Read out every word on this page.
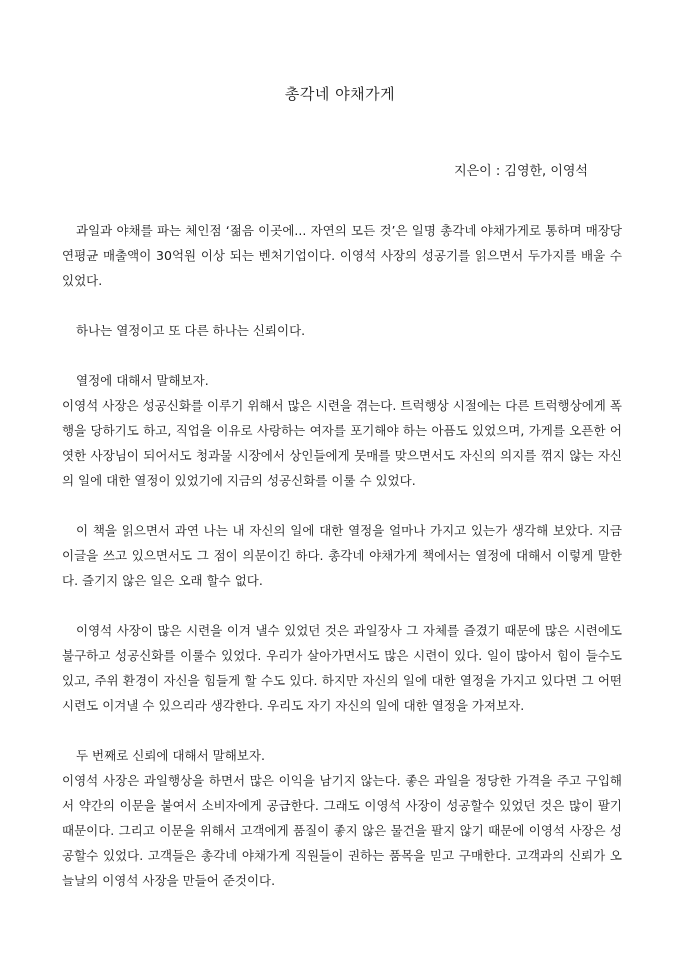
총각네 야채가게
지은이 : 김영한, 이영석

과일과 야채를 파는 체인점 ‘젊음 이곳에... 자연의 모든 것’은 일명 총각네 야채가게로 통하며 매장당 연평균 매출액이 30억원 이상 되는 벤처기업이다. 이영석 사장의 성공기를 읽으면서 두가지를 배울 수 있었다.

하나는 열정이고 또 다른 하나는 신뢰이다.

열정에 대해서 말해보자.

이영석 사장은 성공신화를 이루기 위해서 많은 시련을 겪는다. 트럭행상 시절에는 다른 트럭행상에게 폭행을 당하기도 하고, 직업을 이유로 사랑하는 여자를 포기해야 하는 아픔도 있었으며, 가게를 오픈한 어엿한 사장님이 되어서도 청과물 시장에서 상인들에게 뭇매를 맞으면서도 자신의 의지를 꺾지 않는 자신의 일에 대한 열정이 있었기에 지금의 성공신화를 이룰 수 있었다.

이 책을 읽으면서 과연 나는 내 자신의 일에 대한 열정을 얼마나 가지고 있는가 생각해 보았다. 지금 이글을 쓰고 있으면서도 그 점이 의문이긴 하다. 총각네 야채가게 책에서는 열정에 대해서 이렇게 말한다. 즐기지 않은 일은 오래 할수 없다.

이영석 사장이 많은 시련을 이겨 낼수 있었던 것은 과일장사 그 자체를 즐겼기 때문에 많은 시련에도 불구하고 성공신화를 이룰수 있었다. 우리가 살아가면서도 많은 시련이 있다. 일이 많아서 힘이 들수도 있고, 주위 환경이 자신을 힘들게 할 수도 있다. 하지만 자신의 일에 대한 열정을 가지고 있다면 그 어떤 시련도 이겨낼 수 있으리라 생각한다. 우리도 자기 자신의 일에 대한 열정을 가져보자.

두 번째로 신뢰에 대해서 말해보자.

이영석 사장은 과일행상을 하면서 많은 이익을 남기지 않는다. 좋은 과일을 정당한 가격을 주고 구입해서 약간의 이문을 붙여서 소비자에게 공급한다. 그래도 이영석 사장이 성공할수 있었던 것은 많이 팔기 때문이다. 그리고 이문을 위해서 고객에게 품질이 좋지 않은 물건을 팔지 않기 때문에 이영석 사장은 성공할수 있었다. 고객들은 총각네 야채가게 직원들이 권하는 품목을 믿고 구매한다. 고객과의 신뢰가 오늘날의 이영석 사장을 만들어 준것이다.
